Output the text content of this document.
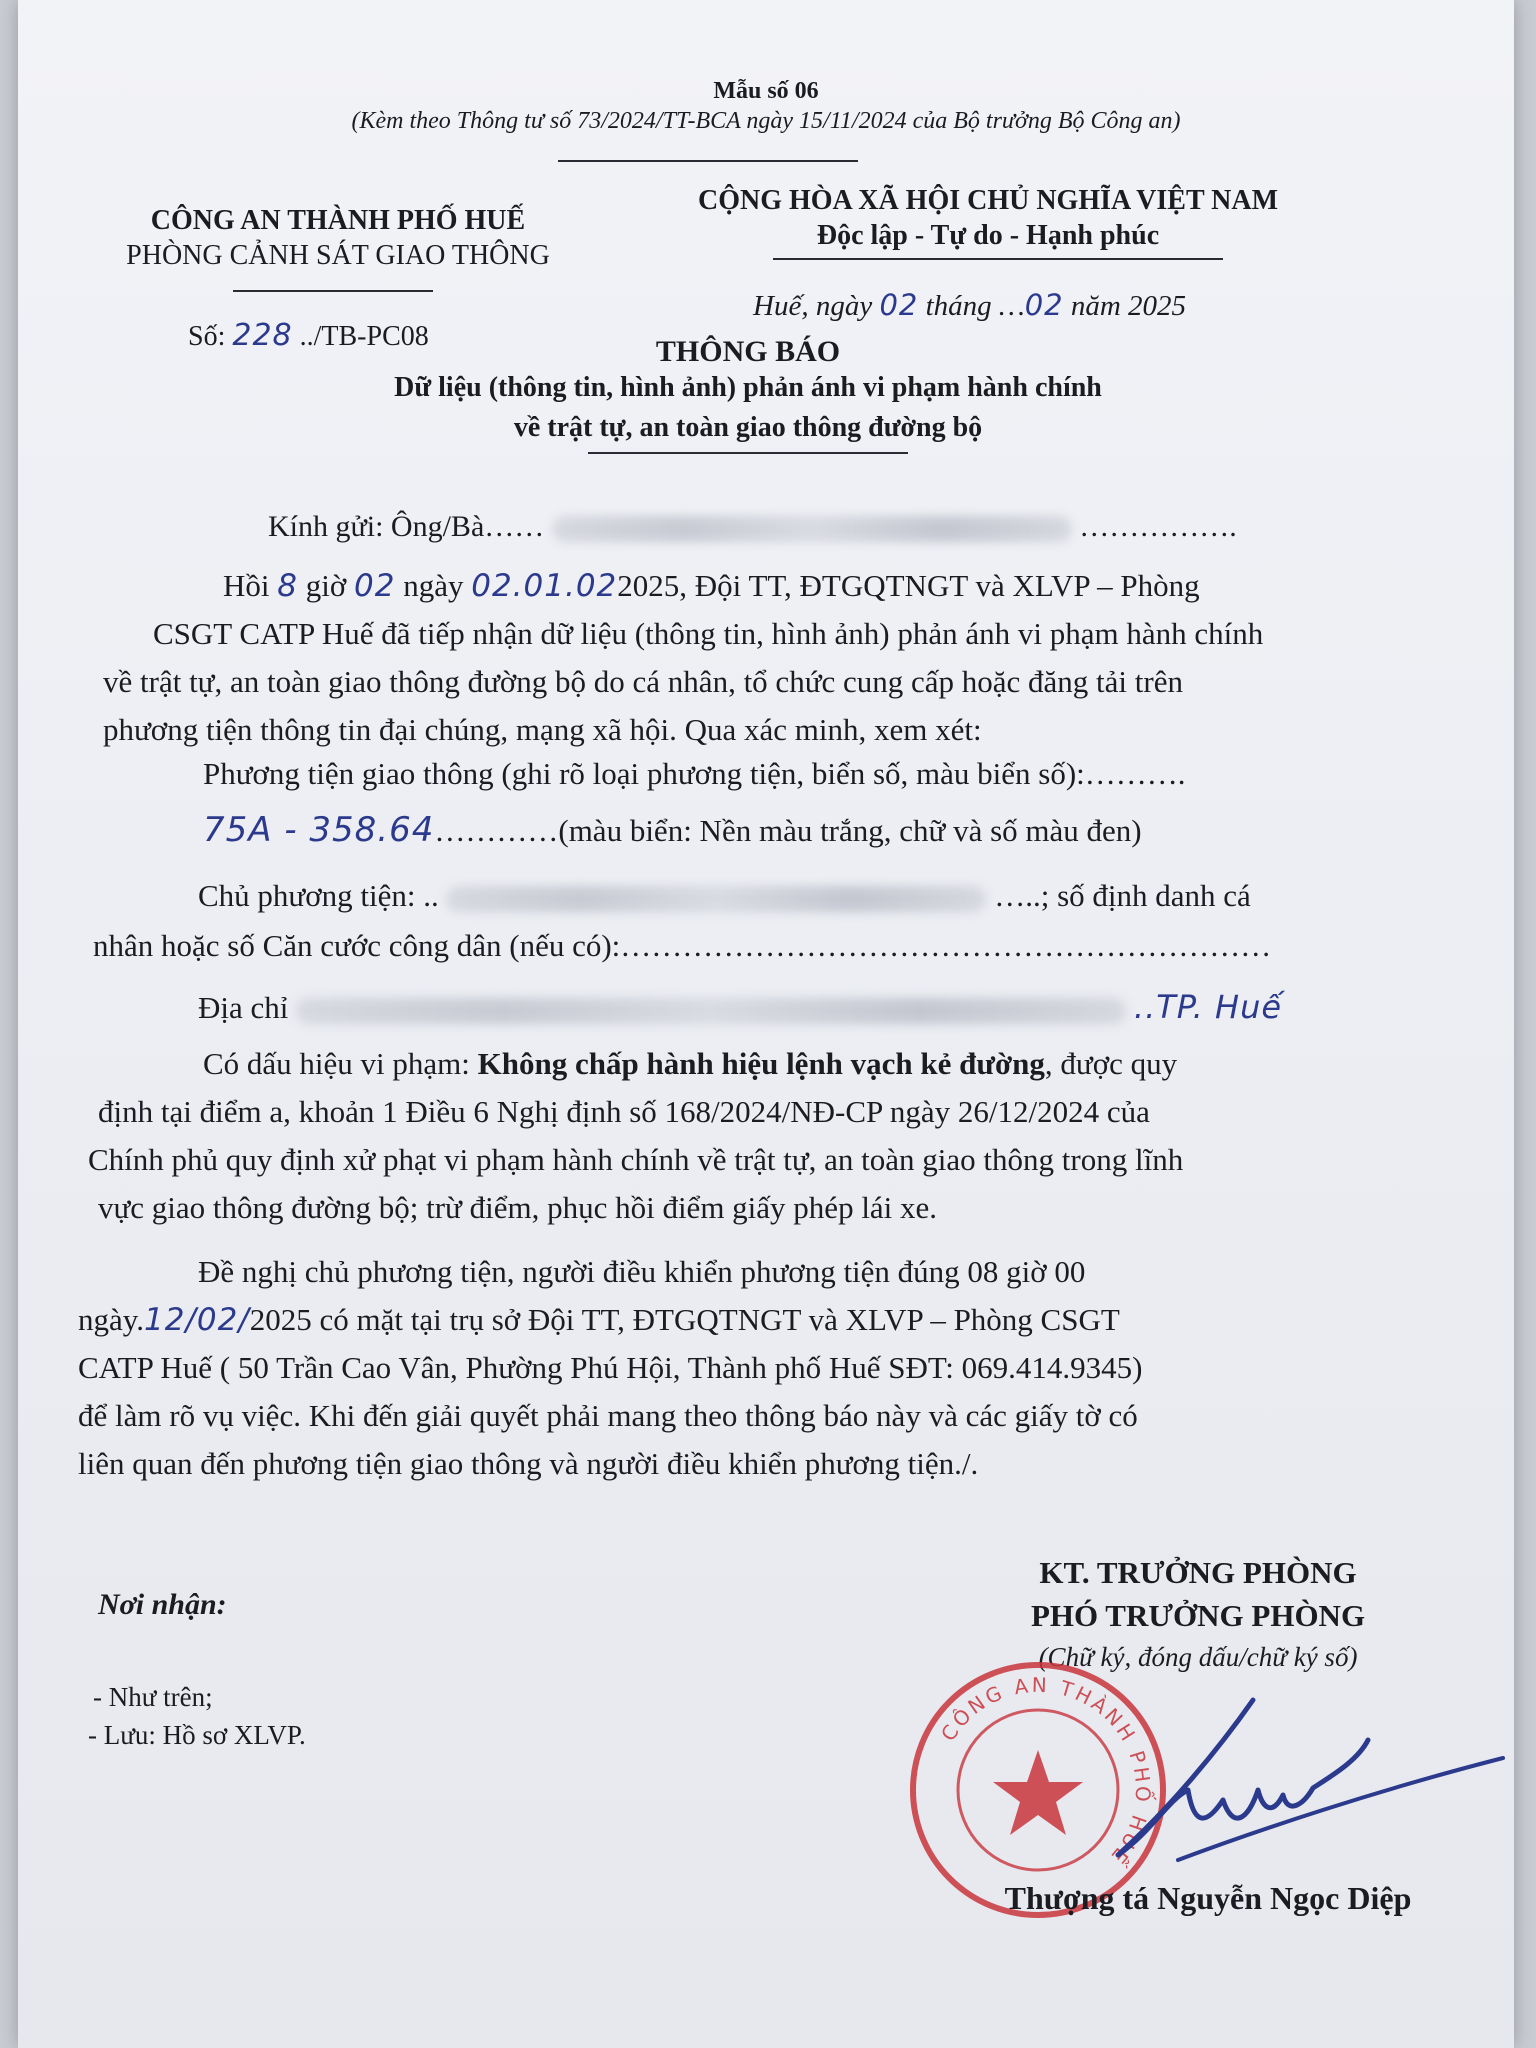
Mẫu số 06
(Kèm theo Thông tư số 73/2024/TT-BCA ngày 15/11/2024 của Bộ trưởng Bộ Công an)
CÔNG AN THÀNH PHỐ HUẾ
PHÒNG CẢNH SÁT GIAO THÔNG
Số: 228 ../TB-PC08
CỘNG HÒA XÃ HỘI CHỦ NGHĨA VIỆT NAM
Độc lập - Tự do - Hạnh phúc
Huế, ngày 02 tháng …02 năm 2025
THÔNG BÁO
Dữ liệu (thông tin, hình ảnh) phản ánh vi phạm hành chính
về trật tự, an toàn giao thông đường bộ
Kính gửi: Ông/Bà……	…………….
Hồi 8 giờ 02 ngày 02.01.022025, Đội TT, ĐTGQTNGT và XLVP – Phòng
CSGT CATP Huế đã tiếp nhận dữ liệu (thông tin, hình ảnh) phản ánh vi phạm hành chính
về trật tự, an toàn giao thông đường bộ do cá nhân, tổ chức cung cấp hoặc đăng tải trên
phương tiện thông tin đại chúng, mạng xã hội. Qua xác minh, xem xét:
Phương tiện giao thông (ghi rõ loại phương tiện, biển số, màu biển số):……….
75A - 358.64…………(màu biển: Nền màu trắng, chữ và số màu đen)
Chủ phương tiện: ..	…..; số định danh cá
nhân hoặc số Căn cước công dân (nếu có):………………………………………………………
Địa chỉ	..TP. Huế
Có dấu hiệu vi phạm: Không chấp hành hiệu lệnh vạch kẻ đường, được quy
định tại điểm a, khoản 1 Điều 6 Nghị định số 168/2024/NĐ-CP ngày 26/12/2024 của
Chính phủ quy định xử phạt vi phạm hành chính về trật tự, an toàn giao thông trong lĩnh
vực giao thông đường bộ; trừ điểm, phục hồi điểm giấy phép lái xe.
Đề nghị chủ phương tiện, người điều khiển phương tiện đúng 08 giờ 00
ngày.12/02/2025 có mặt tại trụ sở Đội TT, ĐTGQTNGT và XLVP – Phòng CSGT
CATP Huế ( 50 Trần Cao Vân, Phường Phú Hội, Thành phố Huế SĐT: 069.414.9345)
để làm rõ vụ việc. Khi đến giải quyết phải mang theo thông báo này và các giấy tờ có
liên quan đến phương tiện giao thông và người điều khiển phương tiện./.
Nơi nhận:
- Như trên;
- Lưu: Hồ sơ XLVP.
KT. TRƯỞNG PHÒNG
PHÓ TRƯỞNG PHÒNG
(Chữ ký, đóng dấu/chữ ký số)
CÔNG AN THÀNH PHỐ HUẾ
Thượng tá Nguyễn Ngọc Diệp
